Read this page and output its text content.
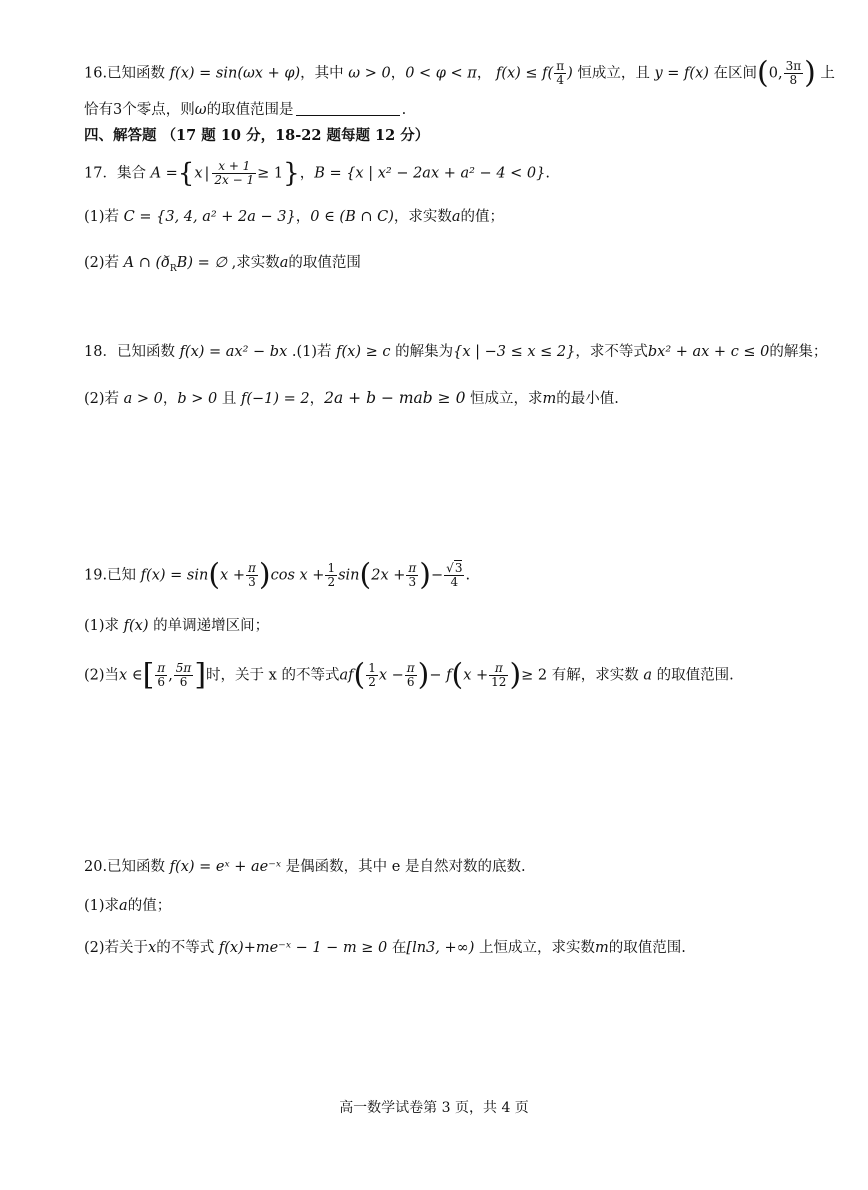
16.已知函数 f(x) = sin(ωx + φ)，其中 ω > 0，0 < φ < π， $f(x) \le f( \frac{\pi}{4}$ ) 恒成立，且 y = f(x) 在区间(0, $\frac{3\pi}{8}$ ) 上
恰有3个零点，则ω的取值范围是	.
四、解答题 （17 题 10 分，18-22 题每题 12 分）
17．集合 A ={x | $\frac{x + 1}{2x - 1} \ge 1$}，B = {x | x² − 2ax + a² − 4 < 0}.
(1)若 C = {3, 4, a² + 2a − 3}，0 ∈ (B ∩ C)，求实数a的值；
(2)若 A ∩ $(ð_RB)$ = ∅ ,求实数a的取值范围
18．已知函数 f(x) = ax² − bx .(1)若 f(x) ≥ c 的解集为{x | −3 ≤ x ≤ 2}，求不等式bx² + ax + c ≤ 0的解集；
(2)若 a > 0，b > 0 且 f(−1) = 2，2a + b − mab ≥ 0 恒成立，求m的最小值.
19.已知 $f(x) = \sin(x + \frac{\pi}{3} )\cos$ $x + \frac{1}{2} \sin(2x + \frac{\pi}{3}$ )− $\frac{√3}{4}$ .
(1)求 f(x) 的单调递增区间；
(2)当x ∈[ $\frac{\pi}{6}$ , $\frac{5\pi}{6}$ ]时，关于 x 的不等式$af( \frac{1}{2}$ $x - \frac{\pi}{6}$ )− $f(x + \frac{\pi}{12}$ )≥ 2 有解，求实数 a 的取值范围.
20.已知函数 f(x) = eˣ + ae⁻ˣ 是偶函数，其中 e 是自然对数的底数.
(1)求a的值；
(2)若关于x的不等式 f(x)+me⁻ˣ − 1 − m ≥ 0 在[ln3, +∞) 上恒成立，求实数m的取值范围.
高一数学试卷第 3 页，共 4 页
